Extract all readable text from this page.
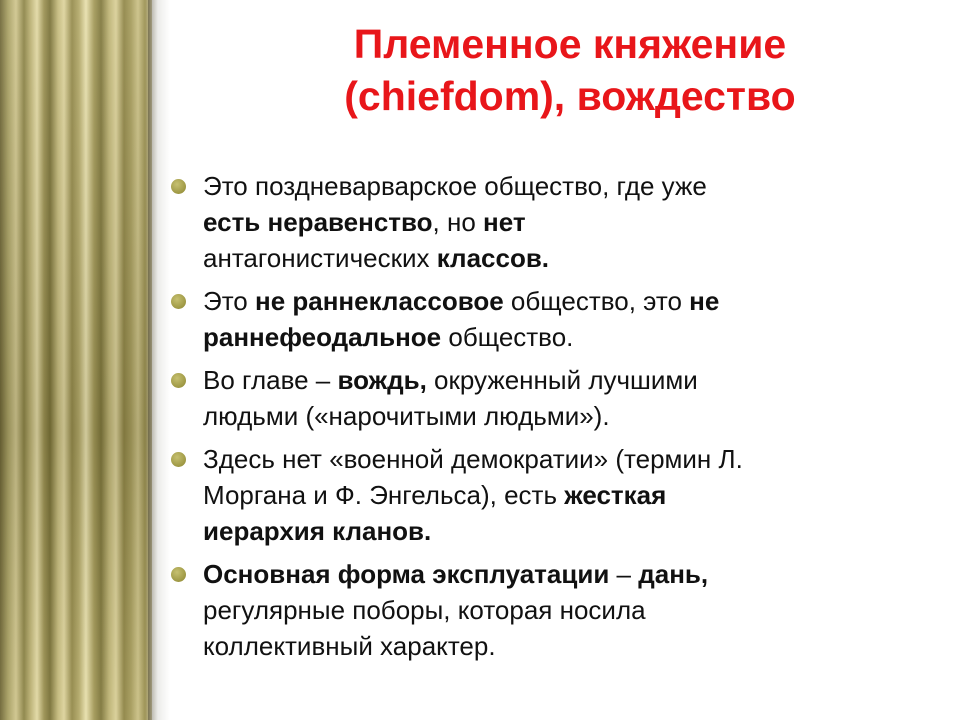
Племенное княжение
(chiefdom), вождество
Это поздневарварское общество, где уже
есть неравенство, но нет
антагонистических классов.
Это не раннеклассовое общество, это не
раннефеодальное общество.
Во главе – вождь, окруженный лучшими
людьми («нарочитыми людьми»).
Здесь нет «военной демократии» (термин Л.
Моргана и Ф. Энгельса), есть жесткая
иерархия кланов.
Основная форма эксплуатации – дань,
регулярные поборы, которая носила
коллективный характер.
